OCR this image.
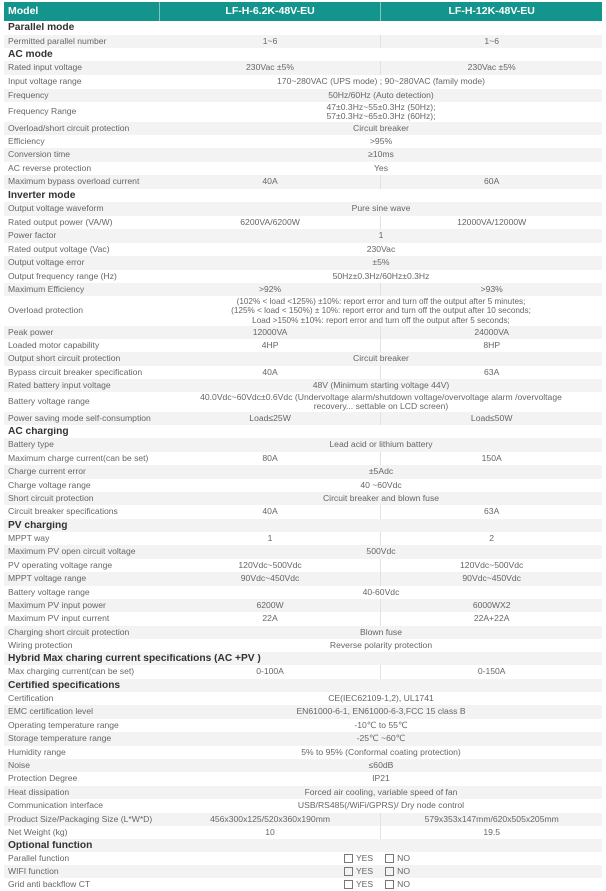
Model	LF-H-6.2K-48V-EU	LF-H-12K-48V-EU
Parallel mode
Permitted parallel number	1~6	1~6
AC mode
Rated input voltage	230Vac ±5%	230Vac ±5%
Input voltage range	170~280VAC (UPS mode) ; 90~280VAC (family mode)
Frequency	50Hz/60Hz (Auto detection)
Frequency Range	47±0.3Hz~55±0.3Hz (50Hz);
57±0.3Hz~65±0.3Hz (60Hz);
Overload/short circuit protection	Circuit breaker
Efficiency	>95%
Conversion time	≥10ms
AC reverse protection	Yes
Maximum bypass overload current	40A	60A
Inverter mode
Output voltage waveform	Pure sine wave
Rated output power (VA/W)	6200VA/6200W	12000VA/12000W
Power factor	1
Rated output voltage (Vac)	230Vac
Output voltage error	±5%
Output frequency range (Hz)	50Hz±0.3Hz/60Hz±0.3Hz
Maximum Efficiency	>92%	>93%
Overload protection
(102% < load <125%) ±10%: report error and turn off the output after 5 minutes;
(125% < load < 150%) ± 10%: report error and turn off the output after 10 seconds;
Load >150% ±10%: report error and turn off the output after 5 seconds;
Peak power	12000VA	24000VA
Loaded motor capability	4HP	8HP
Output short circuit protection	Circuit breaker
Bypass circuit breaker specification	40A	63A
Rated battery input voltage	48V (Minimum starting voltage 44V)
Battery voltage range	40.0Vdc~60Vdc±0.6Vdc (Undervoltage alarm/shutdown voltage/overvoltage alarm /overvoltage
recovery... settable on LCD screen)
Power saving mode self-consumption	Load≤25W	Load≤50W
AC charging
Battery type	Lead acid or lithium battery
Maximum charge current(can be set)	80A	150A
Charge current error	±5Adc
Charge voltage range	40 ~60Vdc
Short circuit protection	Circuit breaker and blown fuse
Circuit breaker specifications	40A	63A
PV charging
MPPT way	1	2
Maximum PV open circuit voltage	500Vdc
PV operating voltage range	120Vdc~500Vdc	120Vdc~500Vdc
MPPT voltage range	90Vdc~450Vdc	90Vdc~450Vdc
Battery voltage range	40-60Vdc
Maximum PV input power	6200W	6000WX2
Maximum PV input current	22A	22A+22A
Charging short circuit protection	Blown fuse
Wiring protection	Reverse polarity protection
Hybrid Max charing current specifications (AC +PV )
Max charging current(can be set)	0-100A	0-150A
Certified specifications
Certification	CE(IEC62109-1,2), UL1741
EMC certification level	EN61000-6-1, EN61000-6-3,FCC 15 class B
Operating temperature range	-10℃ to 55℃
Storage temperature range	-25℃ ~60℃
Humidity range	5% to 95% (Conformal coating protection)
Noise	≤60dB
Protection Degree	IP21
Heat dissipation	Forced air cooling, variable speed of fan
Communication interface	USB/RS485(/WiFi/GPRS)/ Dry node control
Product Size/Packaging Size (L*W*D)	456x300x125/520x360x190mm	579x353x147mm/620x505x205mm
Net Weight (kg)	10	19.5
Optional function
Parallel function	YES	NO
WIFI function	YES	NO
Grid anti backflow CT	YES	NO
